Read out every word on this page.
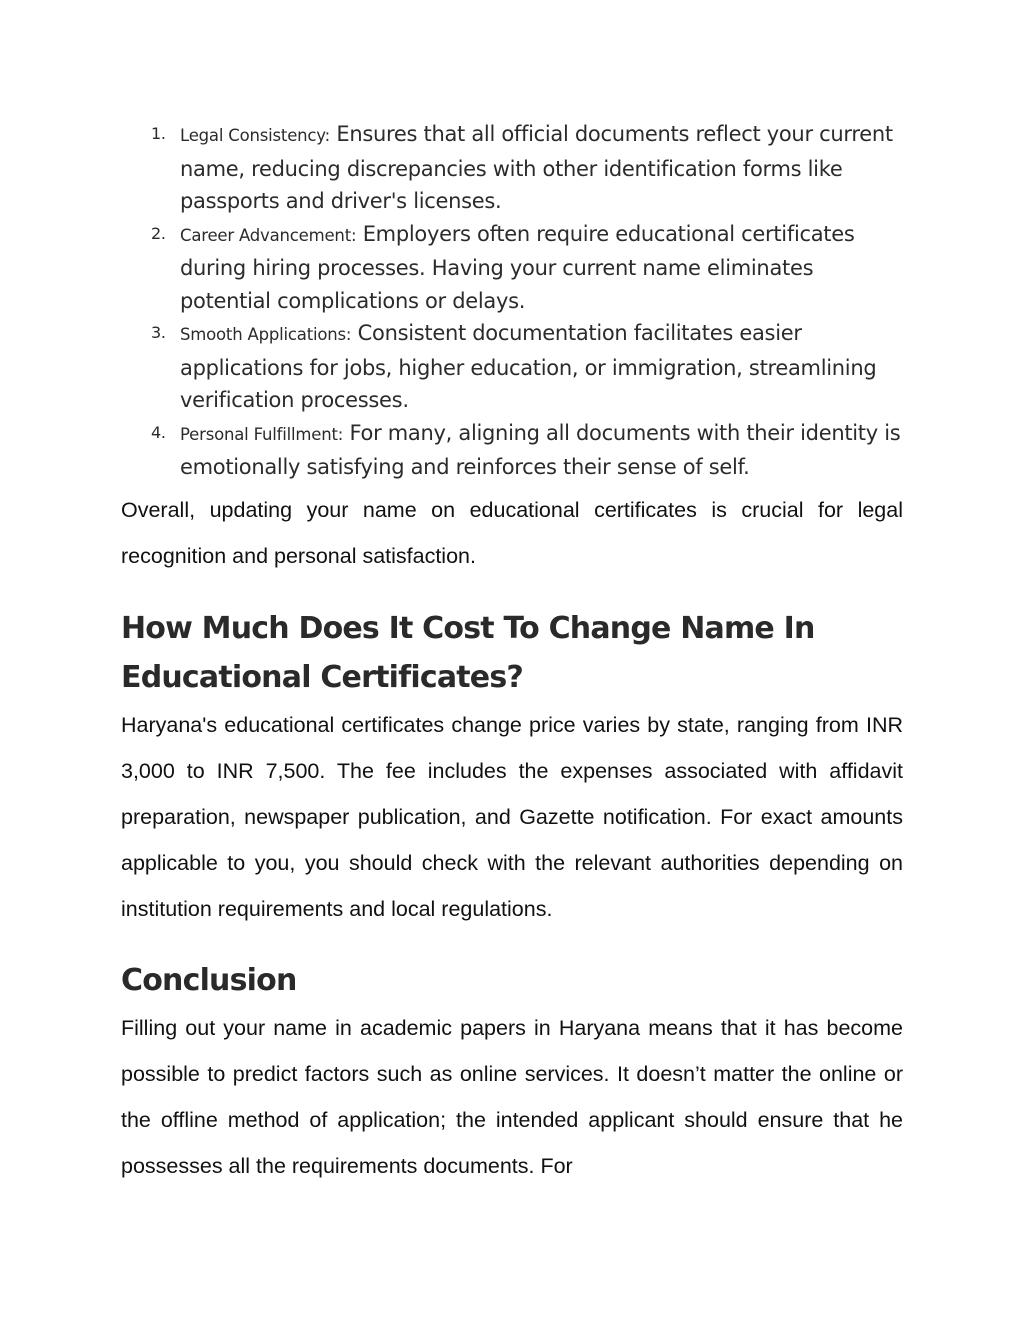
1. Legal Consistency: Ensures that all official documents reflect your current name, reducing discrepancies with other identification forms like passports and driver's licenses.
2. Career Advancement: Employers often require educational certificates during hiring processes. Having your current name eliminates potential complications or delays.
3. Smooth Applications: Consistent documentation facilitates easier applications for jobs, higher education, or immigration, streamlining verification processes.
4. Personal Fulfillment: For many, aligning all documents with their identity is emotionally satisfying and reinforces their sense of self.

Overall, updating your name on educational certificates is crucial for legal recognition and personal satisfaction.

How Much Does It Cost To Change Name In Educational Certificates?

Haryana's educational certificates change price varies by state, ranging from INR 3,000 to INR 7,500. The fee includes the expenses associated with affidavit preparation, newspaper publication, and Gazette notification. For exact amounts applicable to you, you should check with the relevant authorities depending on institution requirements and local regulations.

Conclusion

Filling out your name in academic papers in Haryana means that it has become possible to predict factors such as online services. It doesn’t matter the online or the offline method of application; the intended applicant should ensure that he possesses all the requirements documents. For
